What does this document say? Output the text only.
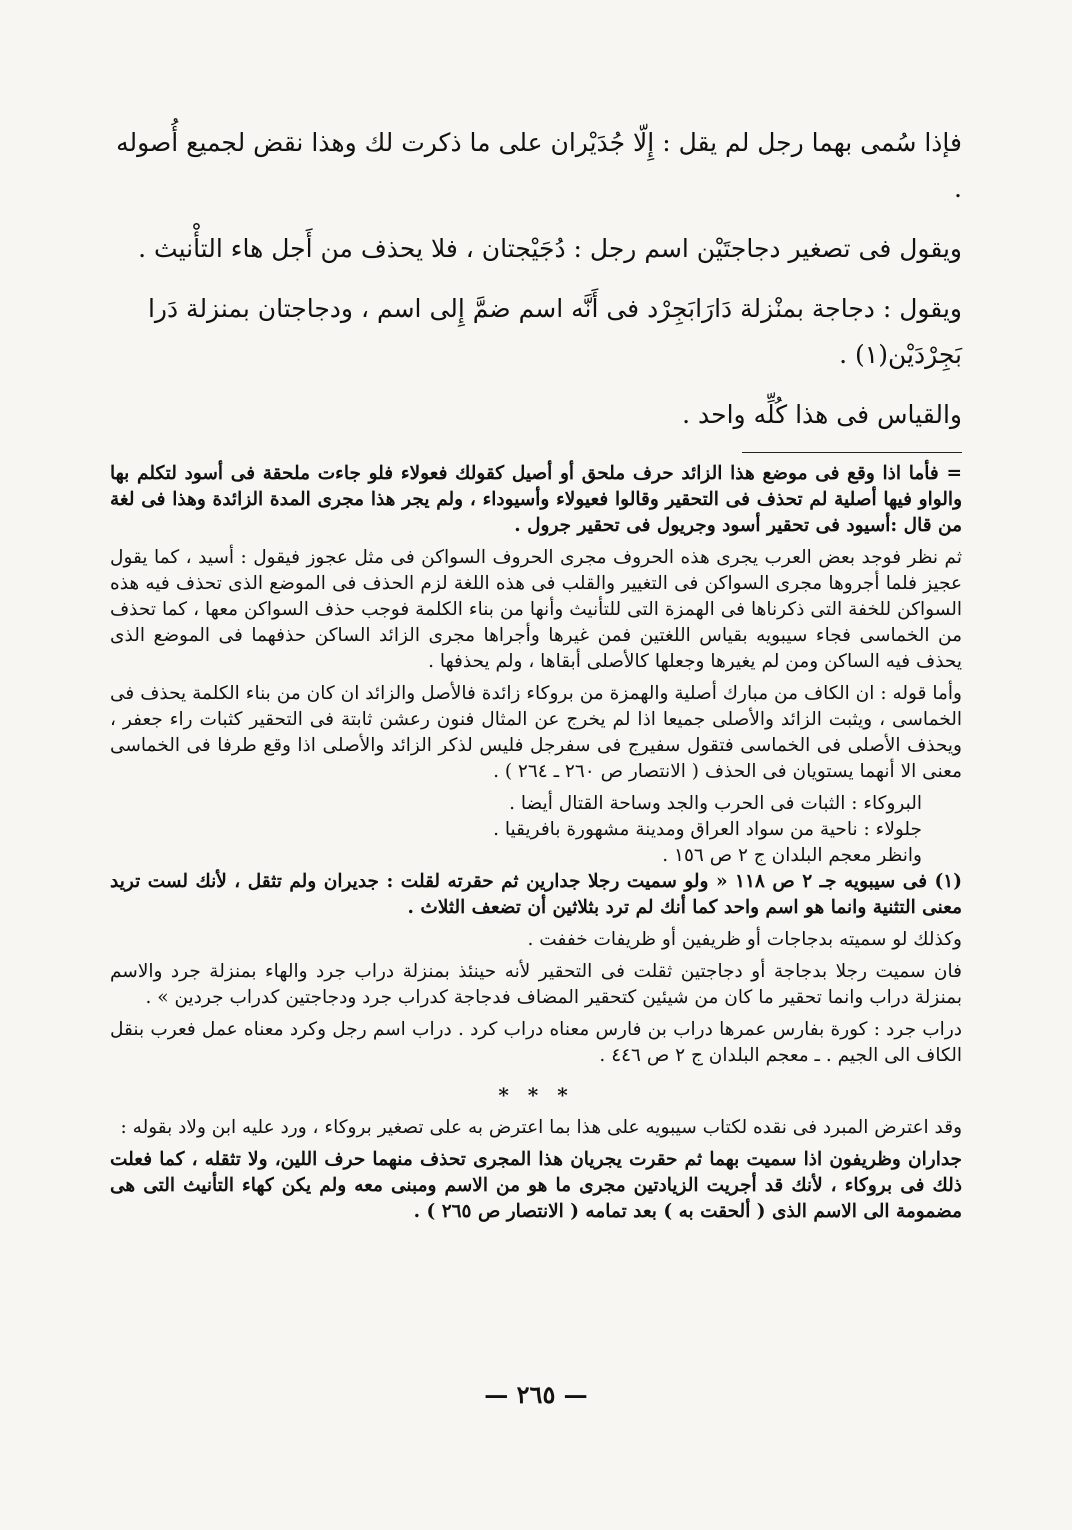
فإذا سُمى بهما رجل لم يقل : إِلّا جُدَيْران على ما ذكرت لك وهذا نقض لجميع أُصوله .

ويقول فى تصغير دجاجتَيْن اسم رجل : دُجَيْجتان ، فلا يحذف من أَجل هاء التأْنيث .

ويقول : دجاجة بمنْزلة دَارَابَجِرْد فى أَنَّه اسم ضمَّ إِلى اسم ، ودجاجتان بمنزلة دَرا بَجِرْدَيْن(١) .

والقياس فى هذا كُلِّه واحد .

= فأما اذا وقع فى موضع هذا الزائد حرف ملحق أو أصيل كقولك فعولاء فلو جاءت ملحقة فى أسود لتكلم بها والواو فيها أصلية لم تحذف فى التحقير وقالوا فعيولاء وأسيوداء ، ولم يجر هذا مجرى المدة الزائدة وهذا فى لغة من قال :أسيود فى تحقير أسود وجريول فى تحقير جرول .

ثم نظر فوجد بعض العرب يجرى هذه الحروف مجرى الحروف السواكن فى مثل عجوز فيقول : أسيد ، كما يقول عجيز فلما أجروها مجرى السواكن فى التغيير والقلب فى هذه اللغة لزم الحذف فى الموضع الذى تحذف فيه هذه السواكن للخفة التى ذكرناها فى الهمزة التى للتأنيث وأنها من بناء الكلمة فوجب حذف السواكن معها ، كما تحذف من الخماسى فجاء سيبويه بقياس اللغتين فمن غيرها وأجراها مجرى الزائد الساكن حذفهما فى الموضع الذى يحذف فيه الساكن ومن لم يغيرها وجعلها كالأصلى أبقاها ، ولم يحذفها .

وأما قوله : ان الكاف من مبارك أصلية والهمزة من بروكاء زائدة فالأصل والزائد ان كان من بناء الكلمة يحذف فى الخماسى ، ويثبت الزائد والأصلى جميعا اذا لم يخرج عن المثال فنون رعشن ثابتة فى التحقير كثبات راء جعفر ، ويحذف الأصلى فى الخماسى فتقول سفيرج فى سفرجل فليس لذكر الزائد والأصلى اذا وقع طرفا فى الخماسى معنى الا أنهما يستويان فى الحذف ( الانتصار ص ٢٦٠ ـ ٢٦٤ ) .

البروكاء : الثبات فى الحرب والجد وساحة القتال أيضا .
جلولاء : ناحية من سواد العراق ومدينة مشهورة بافريقيا .
وانظر معجم البلدان ج ٢ ص ١٥٦ .

(١) فى سيبويه جـ ٢ ص ١١٨ « ولو سميت رجلا جدارين ثم حقرته لقلت : جديران ولم تثقل ، لأنك لست تريد معنى التثنية وانما هو اسم واحد كما أنك لم ترد بثلاثين أن تضعف الثلاث .

وكذلك لو سميته بدجاجات أو ظريفين أو ظريفات خففت .

فان سميت رجلا بدجاجة أو دجاجتين ثقلت فى التحقير لأنه حينئذ بمنزلة دراب جرد والهاء بمنزلة جرد والاسم بمنزلة دراب وانما تحقير ما كان من شيئين كتحقير المضاف فدجاجة كدراب جرد ودجاجتين كدراب جردين » .

دراب جرد : كورة بفارس عمرها دراب بن فارس معناه دراب كرد . دراب اسم رجل وكرد معناه عمل فعرب بنقل الكاف الى الجيم . ـ معجم البلدان ج ٢ ص ٤٤٦ .

* * *

وقد اعترض المبرد فى نقده لكتاب سيبويه على هذا بما اعترض به على تصغير بروكاء ، ورد عليه ابن ولاد بقوله :

جداران وظريفون اذا سميت بهما ثم حقرت يجريان هذا المجرى تحذف منهما حرف اللين، ولا تثقله ، كما فعلت ذلك فى بروكاء ، لأنك قد أجريت الزيادتين مجرى ما هو من الاسم ومبنى معه ولم يكن كهاء التأنيث التى هى مضمومة الى الاسم الذى ( ألحقت به ) بعد تمامه ( الانتصار ص ٢٦٥ ) .

— ٢٦٥ —
